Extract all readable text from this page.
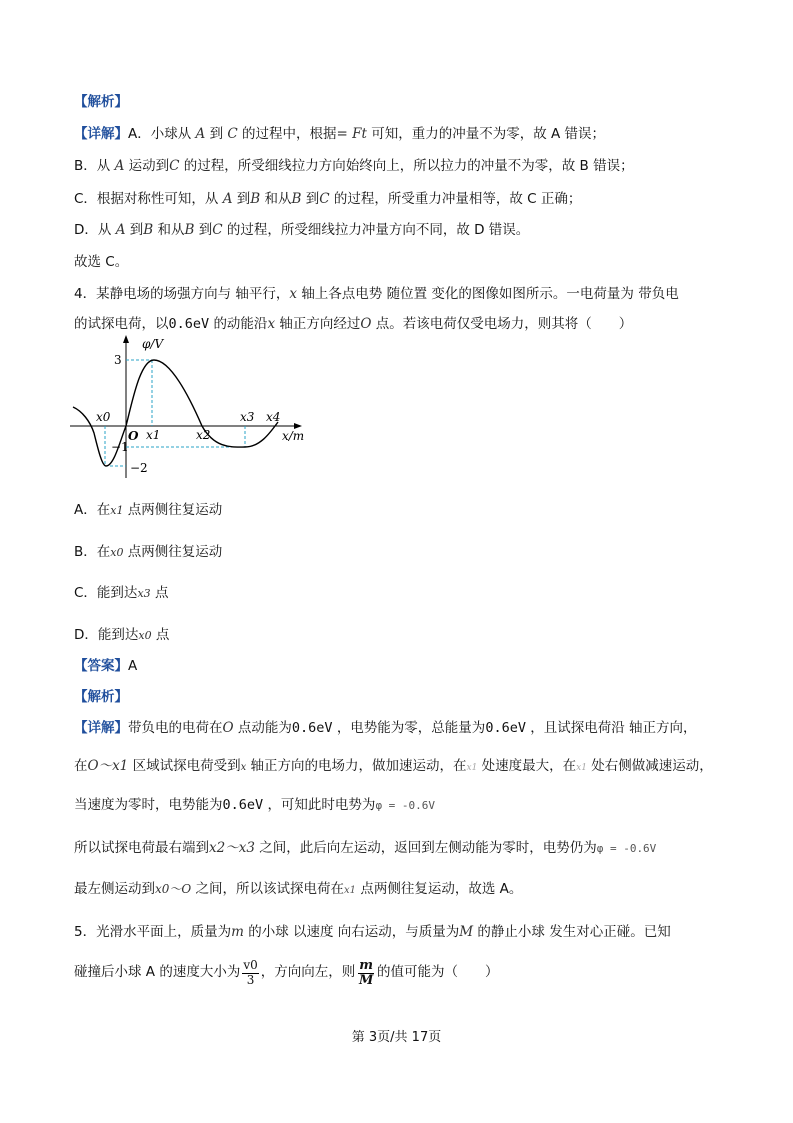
【解析】
【详解】A．小球从 A 到 C 的过程中，根据= Ft 可知，重力的冲量不为零，故 A 错误；
B．从 A 运动到C 的过程，所受细线拉力方向始终向上，所以拉力的冲量不为零，故 B 错误；
C．根据对称性可知，从 A 到B 和从B 到C 的过程，所受重力冲量相等，故 C 正确；
D．从 A 到B 和从B 到C 的过程，所受细线拉力冲量方向不同，故 D 错误。
故选 C。
4．某静电场的场强方向与 轴平行，x 轴上各点电势 随位置 变化的图像如图所示。一电荷量为 带负电
的试探电荷，以0.6eV 的动能沿x 轴正方向经过O 点。若该电荷仅受电场力，则其将（　　）
φ/V
x/m
O
3
−1
−2
x0
x1	x2
x3 x4
A．在x1 点两侧往复运动
B．在x0 点两侧往复运动
C．能到达x3 点
D．能到达x0 点
【答案】A
【解析】
【详解】带负电的电荷在O 点动能为0.6eV ，电势能为零，总能量为0.6eV ，且试探电荷沿 轴正方向，
在O～x1 区域试探电荷受到x 轴正方向的电场力，做加速运动，在x1 处速度最大，在x1 处右侧做减速运动，
当速度为零时，电势能为0.6eV ，可知此时电势为φ = -0.6V
所以试探电荷最右端到x2～x3 之间，此后向左运动，返回到左侧动能为零时，电势仍为φ = -0.6V
最左侧运动到x0～O 之间，所以该试探电荷在x1 点两侧往复运动，故选 A。
5．光滑水平面上，质量为m 的小球 以速度 向右运动，与质量为M 的静止小球 发生对心正碰。已知
碰撞后小球 A 的速度大小为 $\frac{v0}{3}$ ，方向向左，则 $\frac{m}{M}$ 的值可能为（　　）
第 3页/共 17页
